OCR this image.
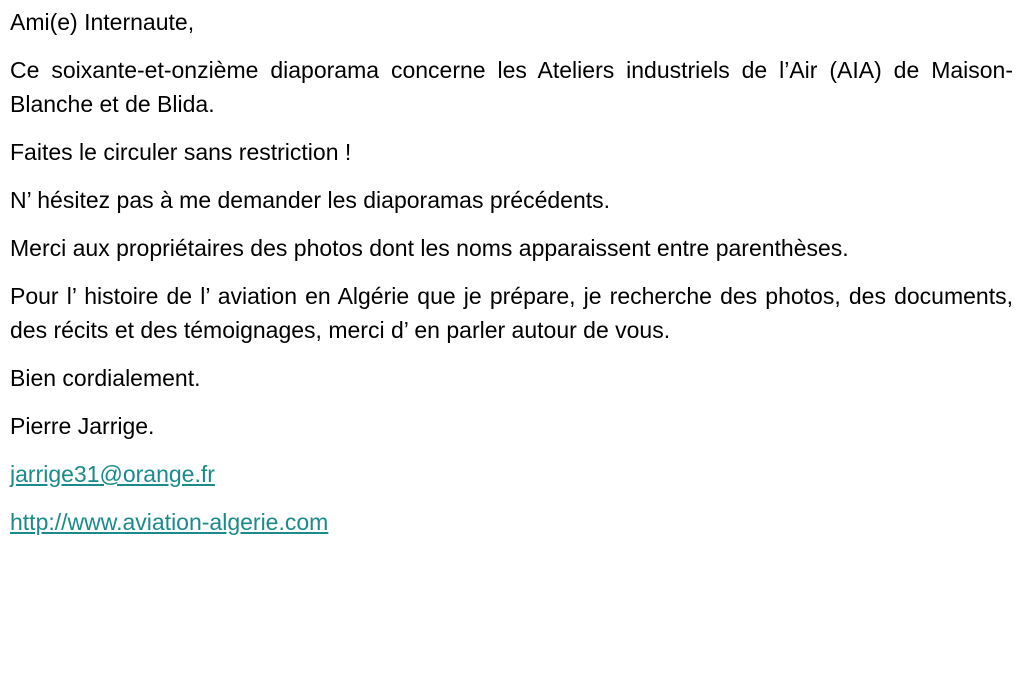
Ami(e) Internaute,

Ce soixante-et-onzième diaporama concerne les Ateliers industriels de l’Air (AIA) de Maison-Blanche et de Blida.

Faites le circuler sans restriction !

N’ hésitez pas à me demander les diaporamas précédents.

Merci aux propriétaires des photos dont les noms apparaissent entre parenthèses.

Pour l’ histoire de l’ aviation en Algérie que je prépare, je recherche des photos, des documents, des récits et des témoignages, merci d’ en parler autour de vous.

Bien cordialement.

Pierre Jarrige.

jarrige31@orange.fr

http://www.aviation-algerie.com
